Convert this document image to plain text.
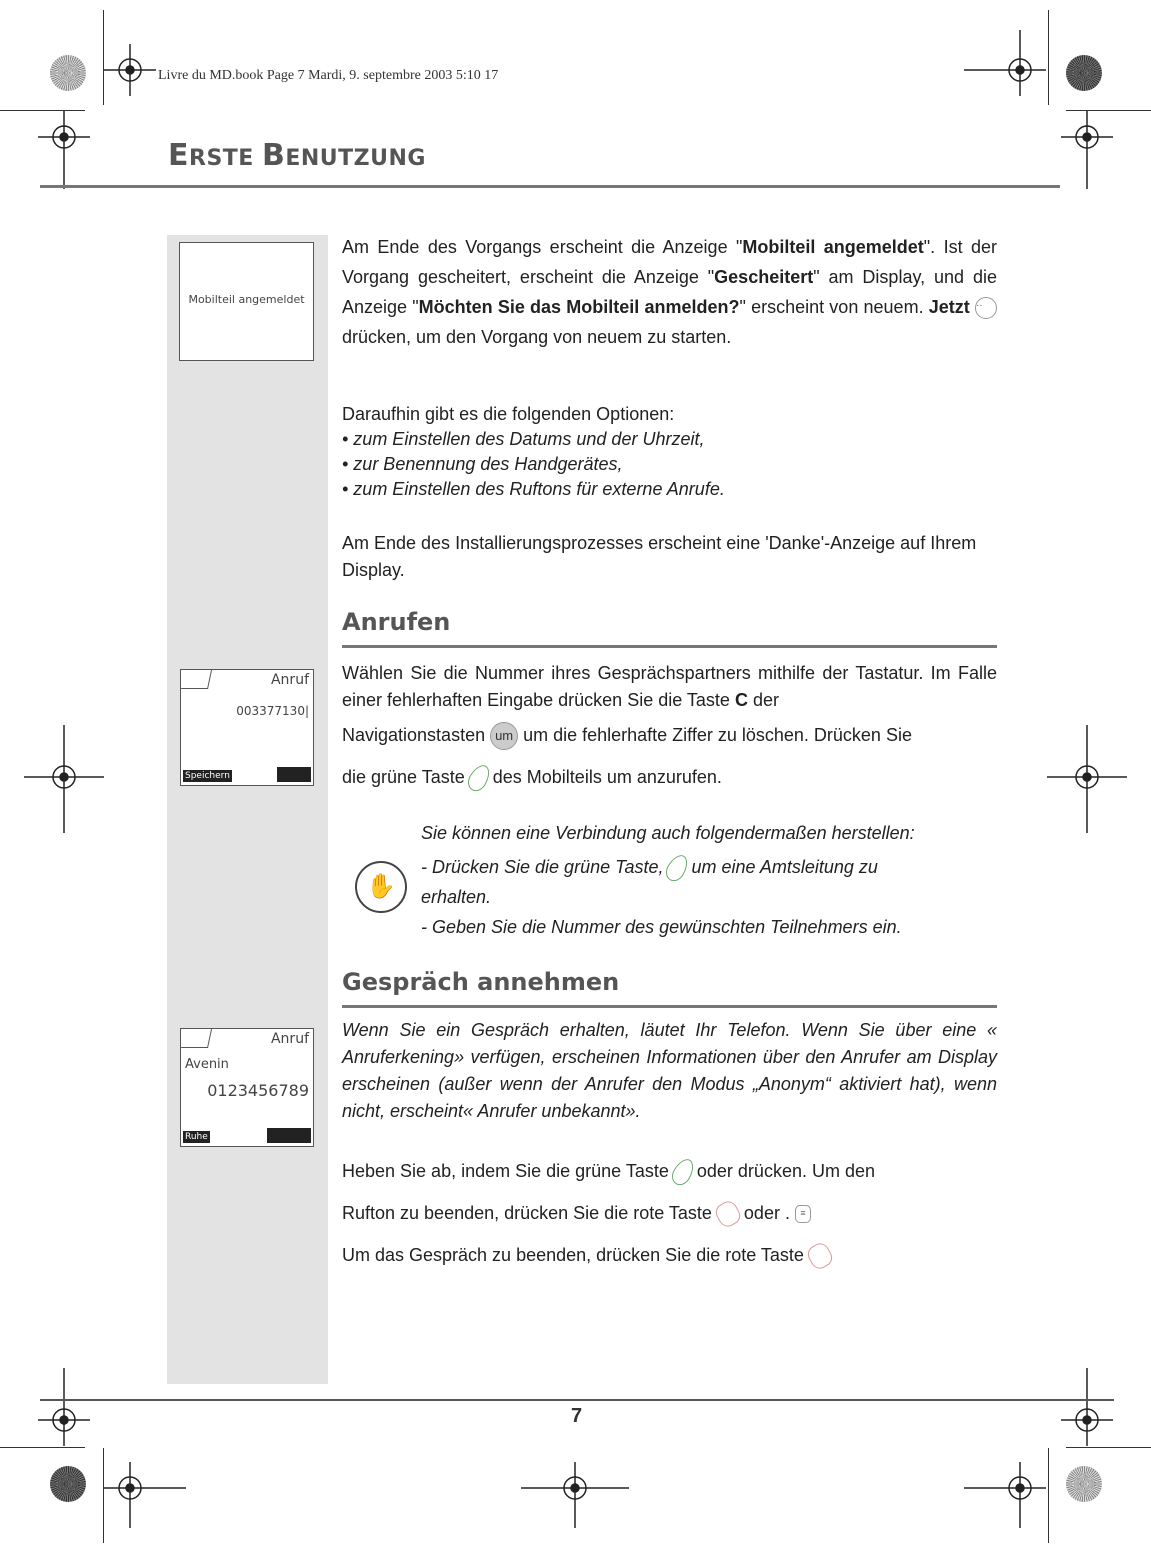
Livre du MD.book Page 7 Mardi, 9. septembre 2003 5:10 17
ERSTE BENUTZUNG
Mobilteil angemeldet
Anruf
003377130|
Speichern
Anruf
Avenin
0123456789
Ruhe
Am Ende des Vorgangs erscheint die Anzeige "Mobilteil angemeldet". Ist der Vorgang gescheitert, erscheint die Anzeige "Gescheitert" am Display, und die Anzeige "Möchten Sie das Mobilteil anmelden?" erscheint von neuem. Jetzt ·· drücken, um den Vorgang von neuem zu starten.
Daraufhin gibt es die folgenden Optionen:
• zum Einstellen des Datums und der Uhrzeit,
• zur Benennung des Handgerätes,
• zum Einstellen des Ruftons für externe Anrufe.
Am Ende des Installierungsprozesses erscheint eine 'Danke'-Anzeige auf Ihrem Display.
Anrufen
Wählen Sie die Nummer ihres Gesprächspartners mithilfe der Tastatur. Im Falle einer fehlerhaften Eingabe drücken Sie die Taste C der
Navigationstasten um um die fehlerhafte Ziffer zu löschen. Drücken Sie
die grüne Taste  des Mobilteils um anzurufen.
✋
Sie können eine Verbindung auch folgendermaßen herstellen:
- Drücken Sie die grüne Taste,  um eine Amtsleitung zu
erhalten.
- Geben Sie die Nummer des gewünschten Teilnehmers ein.
Gespräch annehmen
Wenn Sie ein Gespräch erhalten, läutet Ihr Telefon. Wenn Sie über eine « Anruferkening» verfügen, erscheinen Informationen über den Anrufer am Display erscheinen (außer wenn der Anrufer den Modus „Anonym“ aktiviert hat), wenn nicht, erscheint« Anrufer unbekannt».
Heben Sie ab, indem Sie die grüne Taste  oder drücken. Um den
Rufton zu beenden, drücken Sie die rote Taste  oder . ≡
Um das Gespräch zu beenden, drücken Sie die rote Taste
7
